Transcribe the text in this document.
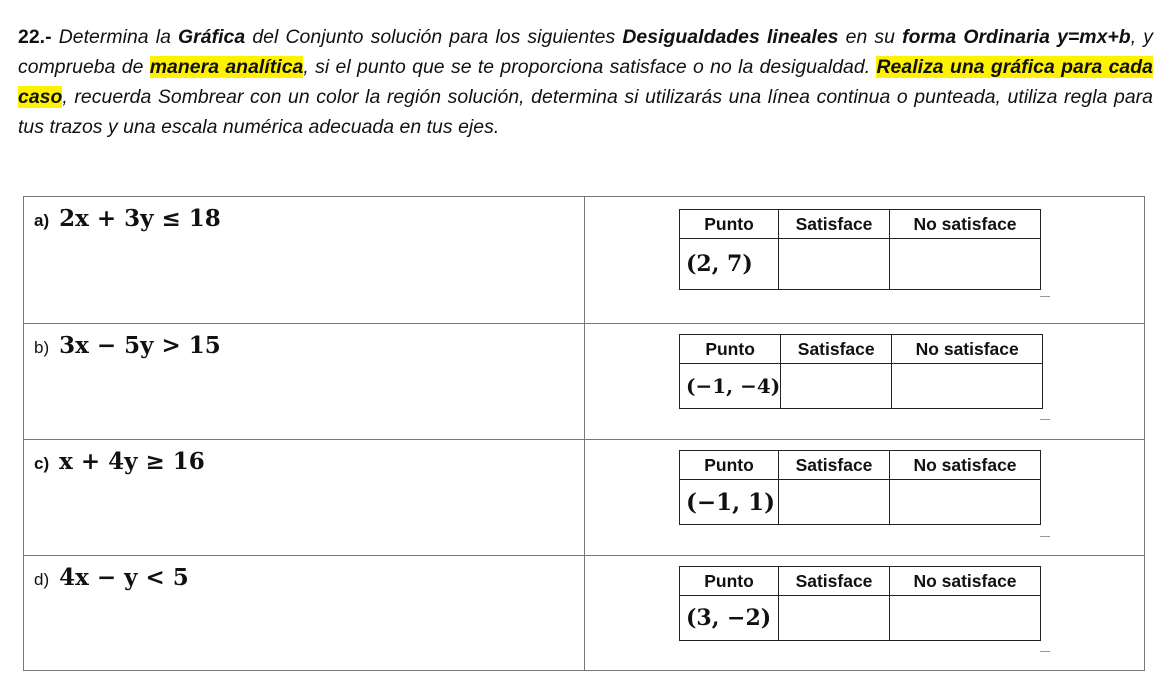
22.- Determina la Gráfica del Conjunto solución para los siguientes Desigualdades lineales en su forma Ordinaria y=mx+b, y comprueba de manera analítica, si el punto que se te proporciona satisface o no la desigualdad. Realiza una gráfica para cada caso, recuerda Sombrear con un color la región solución, determina si utilizarás una línea continua o punteada, utiliza regla para tus trazos y una escala numérica adecuada en tus ejes.
a) 2x + 3y ≤ 18	Punto	Satisface	No satisface
(2, 7)		
b) 3x − 5y > 15	Punto	Satisface	No satisface
(−1, −4)		
c) x + 4y ≥ 16	Punto	Satisface	No satisface
(−1, 1)		
d) 4x − y < 5	Punto	Satisface	No satisface
(3, −2)		
